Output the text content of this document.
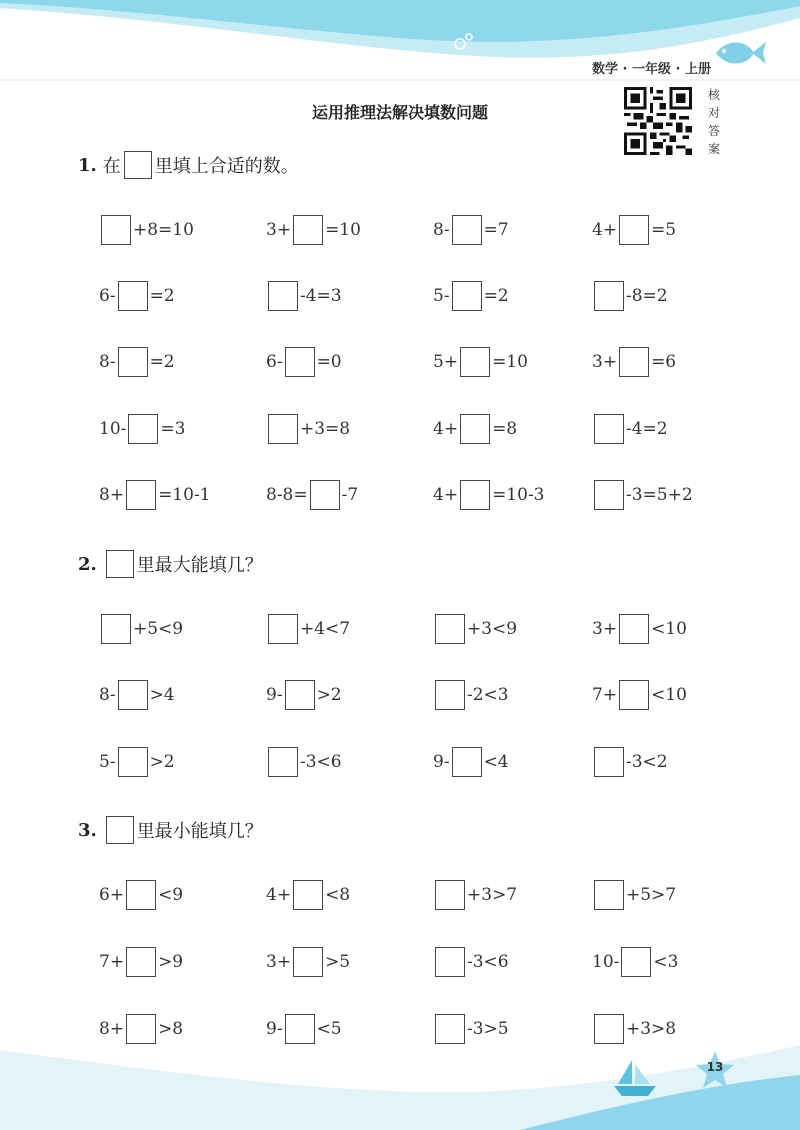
数学 · 一年级 · 上册
运用推理法解决填数问题
核
对
答
案
1. 在 里填上合适的数。
+8=10	3+ =10	8- =7	4+ =5
6- =2	-4=3	5- =2	-8=2
8- =2	6- =0	5+ =10	3+ =6
10- =3	+3=8	4+ =8	-4=2
8+ =10-1	8-8= -7	4+ =10-3	-3=5+2
2. 里最大能填几？
+5<9	+4<7	+3<9	3+ <10
8- >4	9- >2	-2<3	7+ <10
5- >2	-3<6	9- <4	-3<2
3. 里最小能填几？
6+ <9	4+ <8	+3>7	+5>7
7+ >9	3+ >5	-3<6	10- <3
8+ >8	9- <5	-3>5	+3>8
13
